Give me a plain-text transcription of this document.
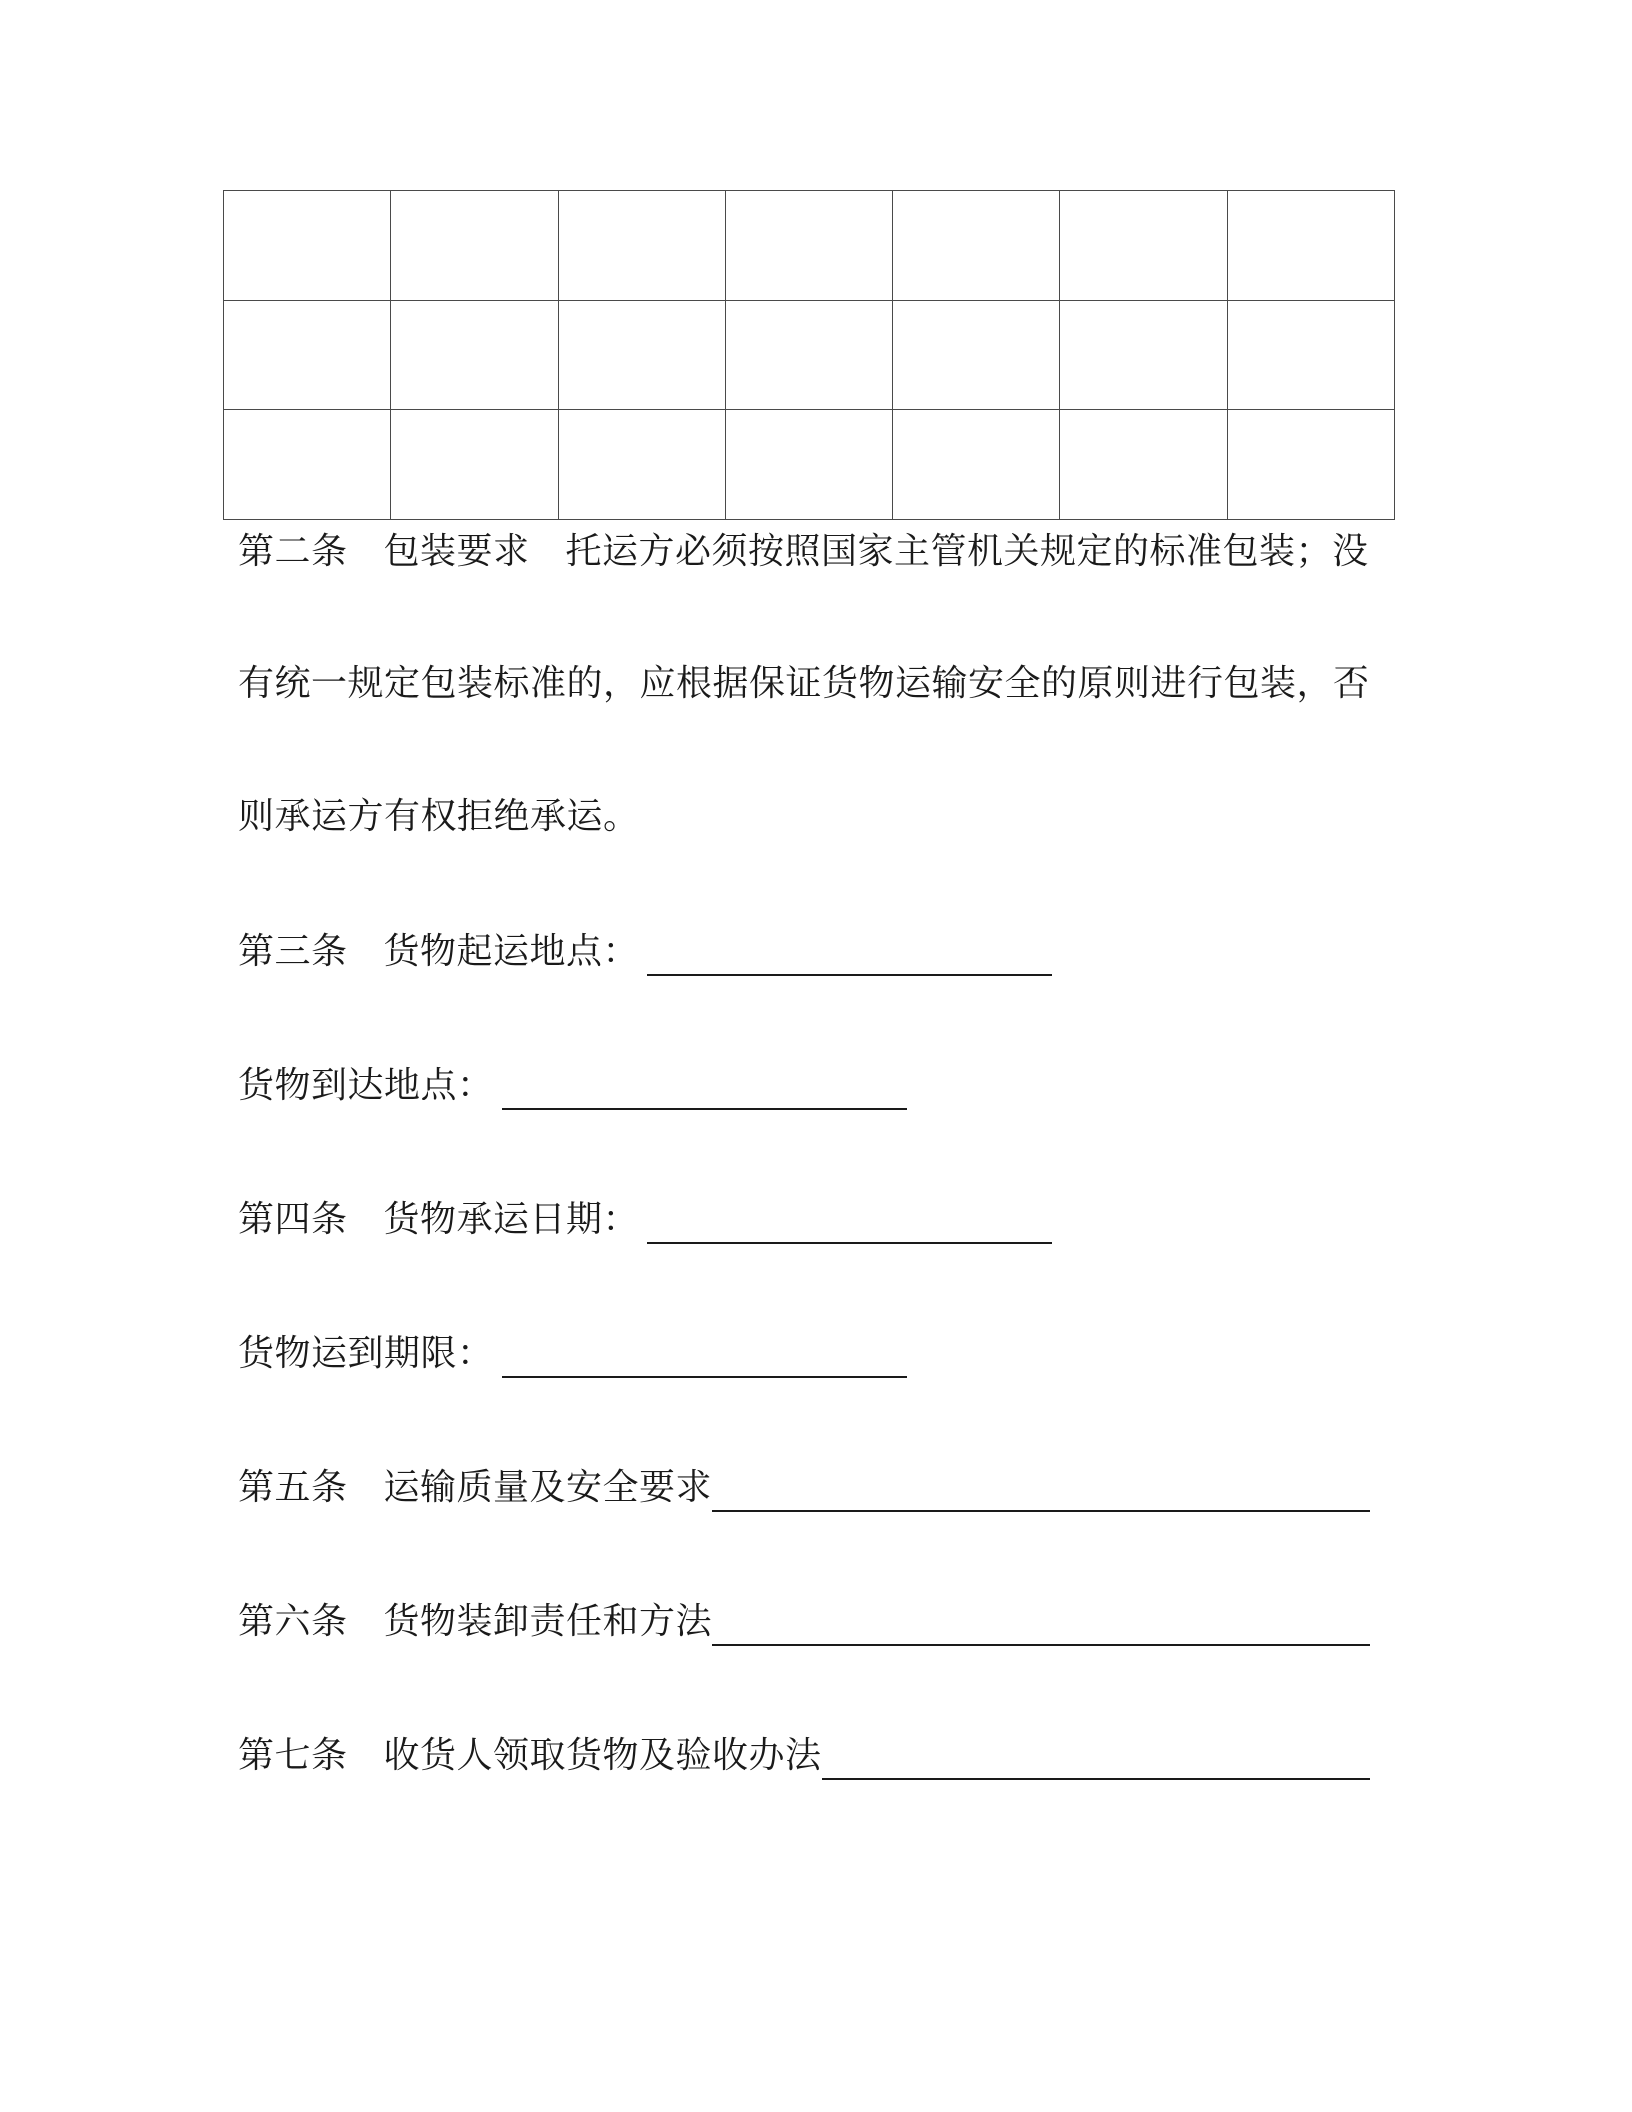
第二条 包装要求 托运方必须按照国家主管机关规定的标准包装；没
有统一规定包装标准的，应根据保证货物运输安全的原则进行包装，否
则承运方有权拒绝承运。
第三条 货物起运地点：
货物到达地点：
第四条 货物承运日期：
货物运到期限：
第五条 运输质量及安全要求
第六条 货物装卸责任和方法
第七条 收货人领取货物及验收办法
